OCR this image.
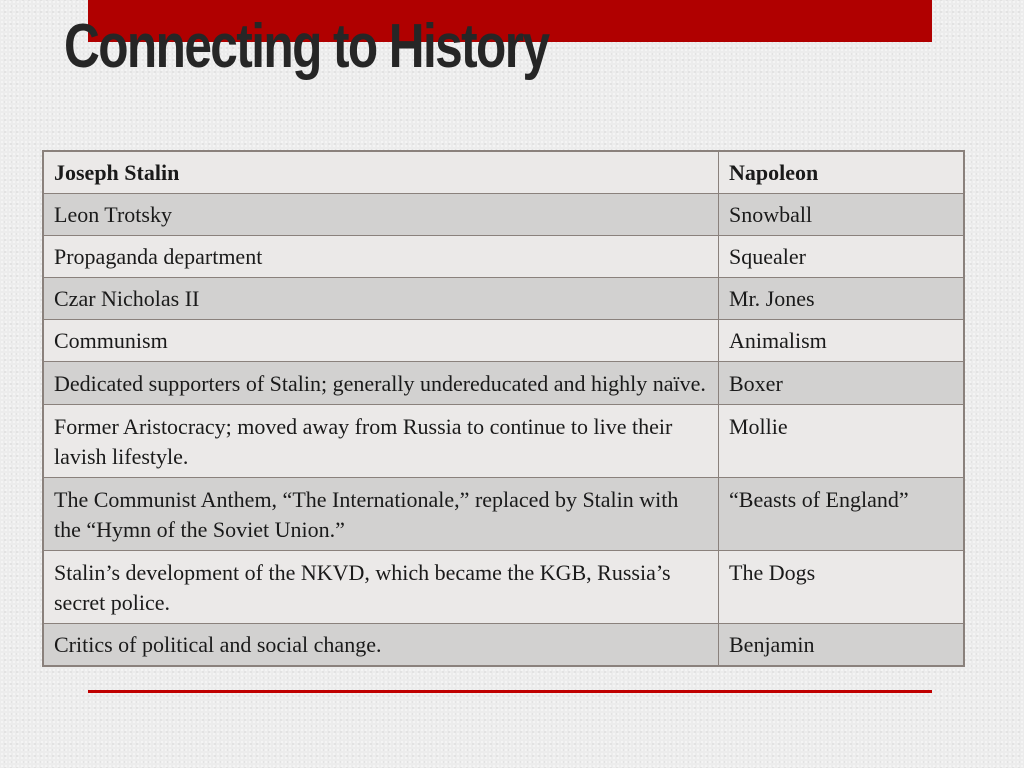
Connecting to History
Joseph Stalin	Napoleon
Leon Trotsky	Snowball
Propaganda department	Squealer
Czar Nicholas II	Mr. Jones
Communism	Animalism
Dedicated supporters of Stalin; generally undereducated and highly naïve.	Boxer
Former Aristocracy; moved away from Russia to continue to live their lavish lifestyle.	Mollie
The Communist Anthem, “The Internationale,” replaced by Stalin with the “Hymn of the Soviet Union.”	“Beasts of England”
Stalin’s development of the NKVD, which became the KGB, Russia’s secret police.	The Dogs
Critics of political and social change.	Benjamin
